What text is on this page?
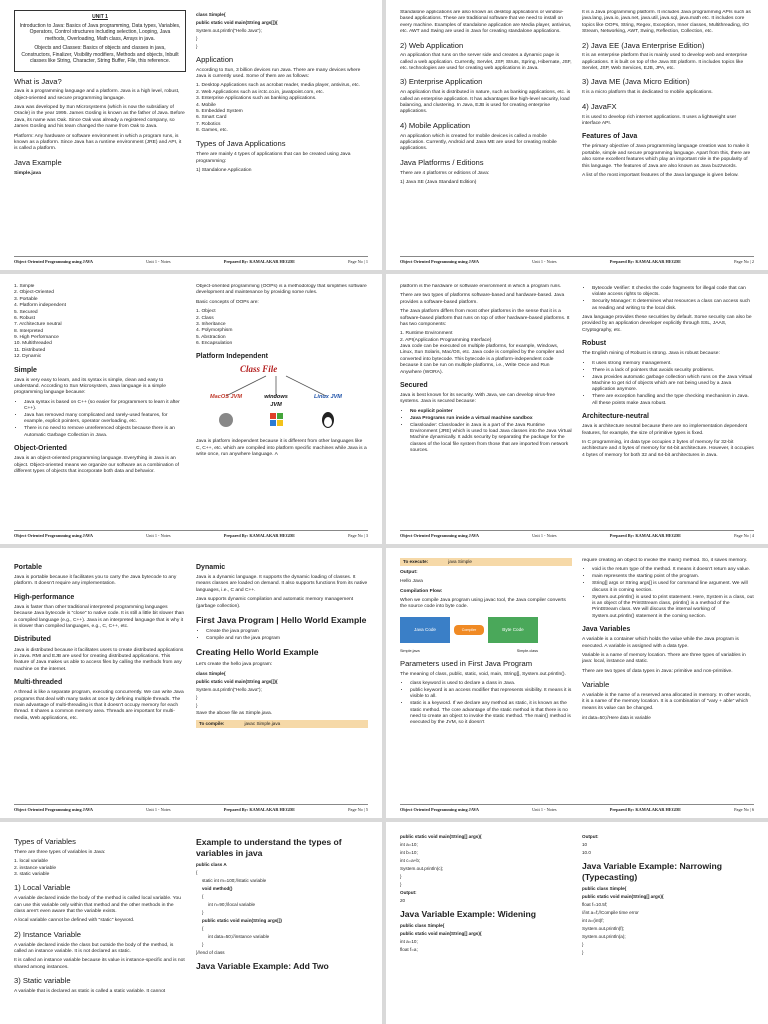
UNIT 1

Introduction to Java: Basics of Java programming, Data types, Variables, Operators, Control structures including selection, Looping, Java methods, Overloading, Math class, Arrays in java.

Objects and Classes: Basics of objects and classes in java, Constructors, Finalizer, Visibility modifiers, Methods and objects, Inbuilt classes like String, Character, String Buffer, File, this reference.

What is Java?

Java is a programming language and a platform. Java is a high level, robust, object-oriented and secure programming language.

Java was developed by Sun Microsystems (which is now the subsidiary of Oracle) in the year 1995. James Gosling is known as the father of Java. Before Java, its name was Oak. Since Oak was already a registered company, so James Gosling and his team changed the name from Oak to Java.

Platform: Any hardware or software environment in which a program runs, is known as a platform. Since Java has a runtime environment (JRE) and API, it is called a platform.

Java Example

Simple.java

class Simple{
public static void main(String args[]){
System.out.println("Hello Java");
}
}
Application

According to Sun, 3 billion devices run Java. There are many devices where Java is currently used. Some of them are as follows:

1. Desktop Applications such as acrobat reader, media player, antivirus, etc.
2. Web Applications such as irctc.co.in, javatpoint.com, etc.
3. Enterprise Applications such as banking applications.
4. Mobile
5. Embedded System
6. Smart Card
7. Robotics
8. Games, etc.
Types of Java Applications

There are mainly 4 types of applications that can be created using Java programming:

1) Standalone Application

Object Oriented Programming using JAVA	Unit 1 - Notes	Prepared By: KAMALAKAR HEGDE	Page No | 1

Standalone applications are also known as desktop applications or window-based applications. These are traditional software that we need to install on every machine. Examples of standalone application are Media player, antivirus, etc. AWT and Swing are used in Java for creating standalone applications.

2) Web Application

An application that runs on the server side and creates a dynamic page is called a web application. Currently, Servlet, JSP, Struts, Spring, Hibernate, JSF, etc. technologies are used for creating web applications in Java.

3) Enterprise Application

An application that is distributed in nature, such as banking applications, etc. is called an enterprise application. It has advantages like high-level security, load balancing, and clustering. In Java, EJB is used for creating enterprise applications.

4) Mobile Application

An application which is created for mobile devices is called a mobile application. Currently, Android and Java ME are used for creating mobile applications.

Java Platforms / Editions

There are 4 platforms or editions of Java:

1) Java SE (Java Standard Edition)

It is a Java programming platform. It includes Java programming APIs such as java.lang, java.io, java.net, java.util, java.sql, java.math etc. It includes core topics like OOPs, String, Regex, Exception, Inner classes, Multithreading, I/O Stream, Networking, AWT, Swing, Reflection, Collection, etc.

2) Java EE (Java Enterprise Edition)

It is an enterprise platform that is mainly used to develop web and enterprise applications. It is built on top of the Java SE platform. It includes topics like Servlet, JSP, Web Services, EJB, JPA, etc.

3) Java ME (Java Micro Edition)

It is a micro platform that is dedicated to mobile applications.

4) JavaFX

It is used to develop rich internet applications. It uses a lightweight user interface API.

Features of Java

The primary objective of Java programming language creation was to make it portable, simple and secure programming language. Apart from this, there are also some excellent features which play an important role in the popularity of this language. The features of Java are also known as Java buzzwords.

A list of the most important features of the Java language is given below.

Object Oriented Programming using JAVA	Unit 1 - Notes	Prepared By: KAMALAKAR HEGDE	Page No | 2
1. Simple
2. Object-Oriented
3. Portable
4. Platform independent
5. Secured
6. Robust
7. Architecture neutral
8. Interpreted
9. High Performance
10. Multithreaded
11. Distributed
12. Dynamic
Simple

Java is very easy to learn, and its syntax is simple, clean and easy to understand. According to Sun Microsystem, Java language is a simple programming language because:

• Java syntax is based on C++ (so easier for programmers to learn it after C++).
• Java has removed many complicated and rarely-used features, for example, explicit pointers, operator overloading, etc.
• There is no need to remove unreferenced objects because there is an Automatic Garbage Collection in Java.
Object-Oriented

Java is an object-oriented programming language. Everything in Java is an object. Object-oriented means we organize our software as a combination of different types of objects that incorporate both data and behavior.

Object-oriented programming (OOPs) is a methodology that simplifies software development and maintenance by providing some rules.

Basic concepts of OOPs are:

1. Object
2. Class
3. Inheritance
4. Polymorphism
5. Abstraction
6. Encapsulation
Platform Independent
Class File
MacOS JVM	windows JVM
Linux JVM

Java is platform independent because it is different from other languages like C, C++, etc. which are compiled into platform specific machines while Java is a write once, run anywhere language. A

Object Oriented Programming using JAVA	Unit 1 - Notes	Prepared By: KAMALAKAR HEGDE	Page No | 3

platform is the hardware or software environment in which a program runs.

There are two types of platforms software-based and hardware-based. Java provides a software-based platform.

The Java platform differs from most other platforms in the sense that it is a software-based platform that runs on top of other hardware-based platforms. It has two components:

1. Runtime Environment
2. API(Application Programming Interface)

Java code can be executed on multiple platforms, for example, Windows, Linux, Sun Solaris, Mac/OS, etc. Java code is compiled by the compiler and converted into bytecode. This bytecode is a platform-independent code because it can be run on multiple platforms, i.e., Write Once and Run Anywhere (WORA).

Secured

Java is best known for its security. With Java, we can develop virus-free systems. Java is secured because:

• No explicit pointer
• Java Programs run inside a virtual machine sandbox
• Classloader: Classloader in Java is a part of the Java Runtime Environment (JRE) which is used to load Java classes into the Java Virtual Machine dynamically. It adds security by separating the package for the classes of the local file system from those that are imported from network sources.
• Bytecode Verifier: It checks the code fragments for illegal code that can violate access rights to objects.
• Security Manager: It determines what resources a class can access such as reading and writing to the local disk.

Java language provides these securities by default. Some security can also be provided by an application developer explicitly through SSL, JAAS, Cryptography, etc.

Robust

The English mining of Robust is strong. Java is robust because:

• It uses strong memory management.
• There is a lack of pointers that avoids security problems.
• Java provides automatic garbage collection which runs on the Java Virtual Machine to get rid of objects which are not being used by a Java application anymore.
• There are exception handling and the type checking mechanism in Java. All these points make Java robust.
Architecture-neutral

Java is architecture neutral because there are no implementation dependent features, for example, the size of primitive types is fixed.

In C programming, int data type occupies 2 bytes of memory for 32-bit architecture and 4 bytes of memory for 64-bit architecture. However, it occupies 4 bytes of memory for both 32 and 64-bit architectures in Java.

Object Oriented Programming using JAVA	Unit 1 - Notes	Prepared By: KAMALAKAR HEGDE	Page No | 4
Portable

Java is portable because it facilitates you to carry the Java bytecode to any platform. It doesn't require any implementation.

High-performance

Java is faster than other traditional interpreted programming languages because Java bytecode is "close" to native code. It is still a little bit slower than a compiled language (e.g., C++). Java is an interpreted language that is why it is slower than compiled languages, e.g., C, C++, etc.

Distributed

Java is distributed because it facilitates users to create distributed applications in Java. RMI and EJB are used for creating distributed applications. This feature of Java makes us able to access files by calling the methods from any machine on the internet.

Multi-threaded

A thread is like a separate program, executing concurrently. We can write Java programs that deal with many tasks at once by defining multiple threads. The main advantage of multi-threading is that it doesn't occupy memory for each thread. It shares a common memory area. Threads are important for multi-media, Web applications, etc.

Dynamic

Java is a dynamic language. It supports the dynamic loading of classes. It means classes are loaded on demand. It also supports functions from its native languages, i.e., C and C++.

Java supports dynamic compilation and automatic memory management (garbage collection).

First Java Program | Hello World Example
• Create the java program
• Compile and run the java program
Creating Hello World Example

Let's create the hello java program:

class Simple{
public static void main(String args[]){
System.out.println("Hello Java");
}
}

Save the above file as Simple.java.

To compile:	javac Simple.java
Object Oriented Programming using JAVA	Unit 1 - Notes	Prepared By: KAMALAKAR HEGDE	Page No | 5
To execute:	java Simple

Output:

Hello Java

Compilation Flow:

When we compile Java program using javac tool, the Java compiler converts the source code into byte code.

Java Code	Compiler	Byte Code
Simple.java	Simple.class
Parameters used in First Java Program

The meaning of class, public, static, void, main, String[], System.out.println().

• class keyword is used to declare a class in Java.
• public keyword is an access modifier that represents visibility. It means it is visible to all.
• static is a keyword. If we declare any method as static, it is known as the static method. The core advantage of the static method is that there is no need to create an object to invoke the static method. The main() method is executed by the JVM, so it doesn't

require creating an object to invoke the main() method. So, it saves memory.

• void is the return type of the method. It means it doesn't return any value.
• main represents the starting point of the program.
• String[] args or String args[] is used for command line argument. We will discuss it in coming section.
• System.out.println() is used to print statement. Here, System is a class, out is an object of the PrintStream class, println() is a method of the PrintStream class. We will discuss the internal working of System.out.println() statement in the coming section.
Java Variables

A variable is a container which holds the value while the Java program is executed. A variable is assigned with a data type.

Variable is a name of memory location. There are three types of variables in java: local, instance and static.

There are two types of data types in Java: primitive and non-primitive.

Variable

A variable is the name of a reserved area allocated in memory. In other words, it is a name of the memory location. It is a combination of "vary + able" which means its value can be changed.

int data=50;//Here data is variable

Object Oriented Programming using JAVA	Unit 1 - Notes	Prepared By: KAMALAKAR HEGDE	Page No | 6
Types of Variables

There are three types of variables in Java:

1. local variable
2. instance variable
3. static variable
1) Local Variable

A variable declared inside the body of the method is called local variable. You can use this variable only within that method and the other methods in the class aren't even aware that the variable exists.

A local variable cannot be defined with "static" keyword.

2) Instance Variable

A variable declared inside the class but outside the body of the method, is called an instance variable. It is not declared as static.

It is called an instance variable because its value is instance-specific and is not shared among instances.

3) Static variable

A variable that is declared as static is called a static variable. It cannot

Example to understand the types of variables in java
public class A
{
static int m=100;//static variable
void method()
{
int n=90;//local variable
}
public static void main(String args[])
{
int data=50;//instance variable
}
}//end of class
Java Variable Example: Add Two
public static void main(String[] args){
int a=10;
int b=10;
int c=a+b;
System.out.println(c);
}
}
Output:
20
Java Variable Example: Widening
public class Simple{
public static void main(String[] args){
int a=10;
float f=a;
Output:
10
10.0
Java Variable Example: Narrowing (Typecasting)
public class Simple{
public static void main(String[] args){
float f=10.5f;
//int a=f;//Compile time error
int a=(int)f;
System.out.println(f);
System.out.println(a);
}
}
